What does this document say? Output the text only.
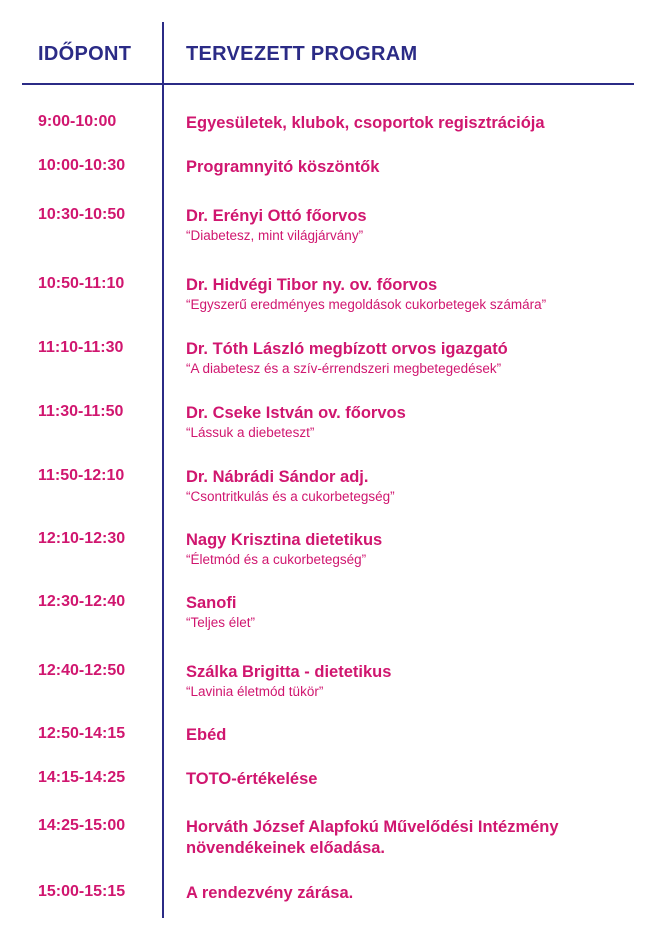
IDŐPONT	TERVEZETT PROGRAM
9:00-10:00	Egyesületek, klubok, csoportok regisztrációja
10:00-10:30	Programnyitó köszöntők
10:30-10:50	Dr. Erényi Ottó főorvos
“Diabetesz, mint világjárvány”
10:50-11:10	Dr. Hidvégi Tibor ny. ov. főorvos
“Egyszerű eredményes megoldások cukorbetegek számára”
11:10-11:30	Dr. Tóth László megbízott orvos igazgató
“A diabetesz és a szív-érrendszeri megbetegedések”
11:30-11:50	Dr. Cseke István ov. főorvos
“Lássuk a diebeteszt”
11:50-12:10	Dr. Nábrádi Sándor adj.
“Csontritkulás és a cukorbetegség”
12:10-12:30	Nagy Krisztina dietetikus
“Életmód és a cukorbetegség”
12:30-12:40	Sanofi
“Teljes élet”
12:40-12:50	Szálka Brigitta - dietetikus
“Lavinia életmód tükör”
12:50-14:15	Ebéd
14:15-14:25	TOTO-értékelése
14:25-15:00	Horváth József Alapfokú Művelődési Intézmény
növendékeinek előadása.
15:00-15:15	A rendezvény zárása.
